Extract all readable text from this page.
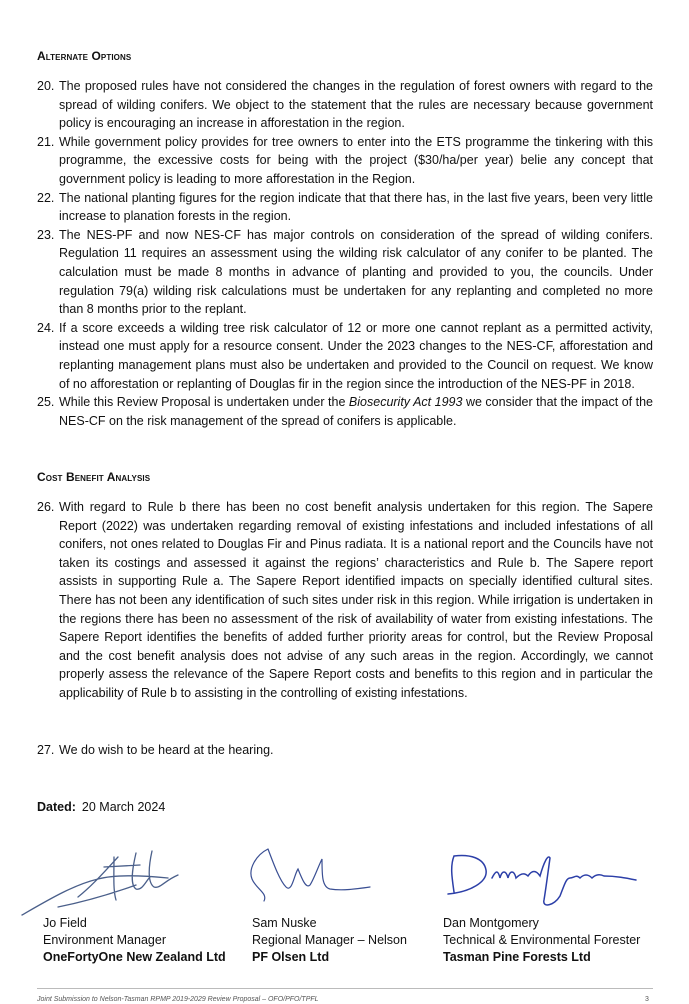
Alternate Options
20. The proposed rules have not considered the changes in the regulation of forest owners with regard to the spread of wilding conifers. We object to the statement that the rules are necessary because government policy is encouraging an increase in afforestation in the region.
21. While government policy provides for tree owners to enter into the ETS programme the tinkering with this programme, the excessive costs for being with the project ($30/ha/per year) belie any concept that government policy is leading to more afforestation in the Region.
22. The national planting figures for the region indicate that that there has, in the last five years, been very little increase to planation forests in the region.
23. The NES-PF and now NES-CF has major controls on consideration of the spread of wilding conifers. Regulation 11 requires an assessment using the wilding risk calculator of any conifer to be planted. The calculation must be made 8 months in advance of planting and provided to you, the councils. Under regulation 79(a) wilding risk calculations must be undertaken for any replanting and completed no more than 8 months prior to the replant.
24. If a score exceeds a wilding tree risk calculator of 12 or more one cannot replant as a permitted activity, instead one must apply for a resource consent. Under the 2023 changes to the NES-CF, afforestation and replanting management plans must also be undertaken and provided to the Council on request. We know of no afforestation or replanting of Douglas fir in the region since the introduction of the NES-PF in 2018.
25. While this Review Proposal is undertaken under the Biosecurity Act 1993 we consider that the impact of the NES-CF on the risk management of the spread of conifers is applicable.
Cost Benefit Analysis
26. With regard to Rule b there has been no cost benefit analysis undertaken for this region. The Sapere Report (2022) was undertaken regarding removal of existing infestations and included infestations of all conifers, not ones related to Douglas Fir and Pinus radiata. It is a national report and the Councils have not taken its costings and assessed it against the regions’ characteristics and Rule b. The Sapere report assists in supporting Rule a. The Sapere Report identified impacts on specially identified cultural sites. There has not been any identification of such sites under risk in this region. While irrigation is undertaken in the regions there has been no assessment of the risk of availability of water from existing infestations. The Sapere Report identifies the benefits of added further priority areas for control, but the Review Proposal and the cost benefit analysis does not advise of any such areas in the region. Accordingly, we cannot properly assess the relevance of the Sapere Report costs and benefits to this region and in particular the applicability of Rule b to assisting in the controlling of existing infestations.
27. We do wish to be heard at the hearing.
Dated: 20 March 2024
Jo Field
Environment Manager
OneFortyOne New Zealand Ltd
Sam Nuske
Regional Manager – Nelson
PF Olsen Ltd
Dan Montgomery
Technical & Environmental Forester
Tasman Pine Forests Ltd
Joint Submission to Nelson-Tasman RPMP 2019-2029 Review Proposal – OFO/PFO/TPFL	3
